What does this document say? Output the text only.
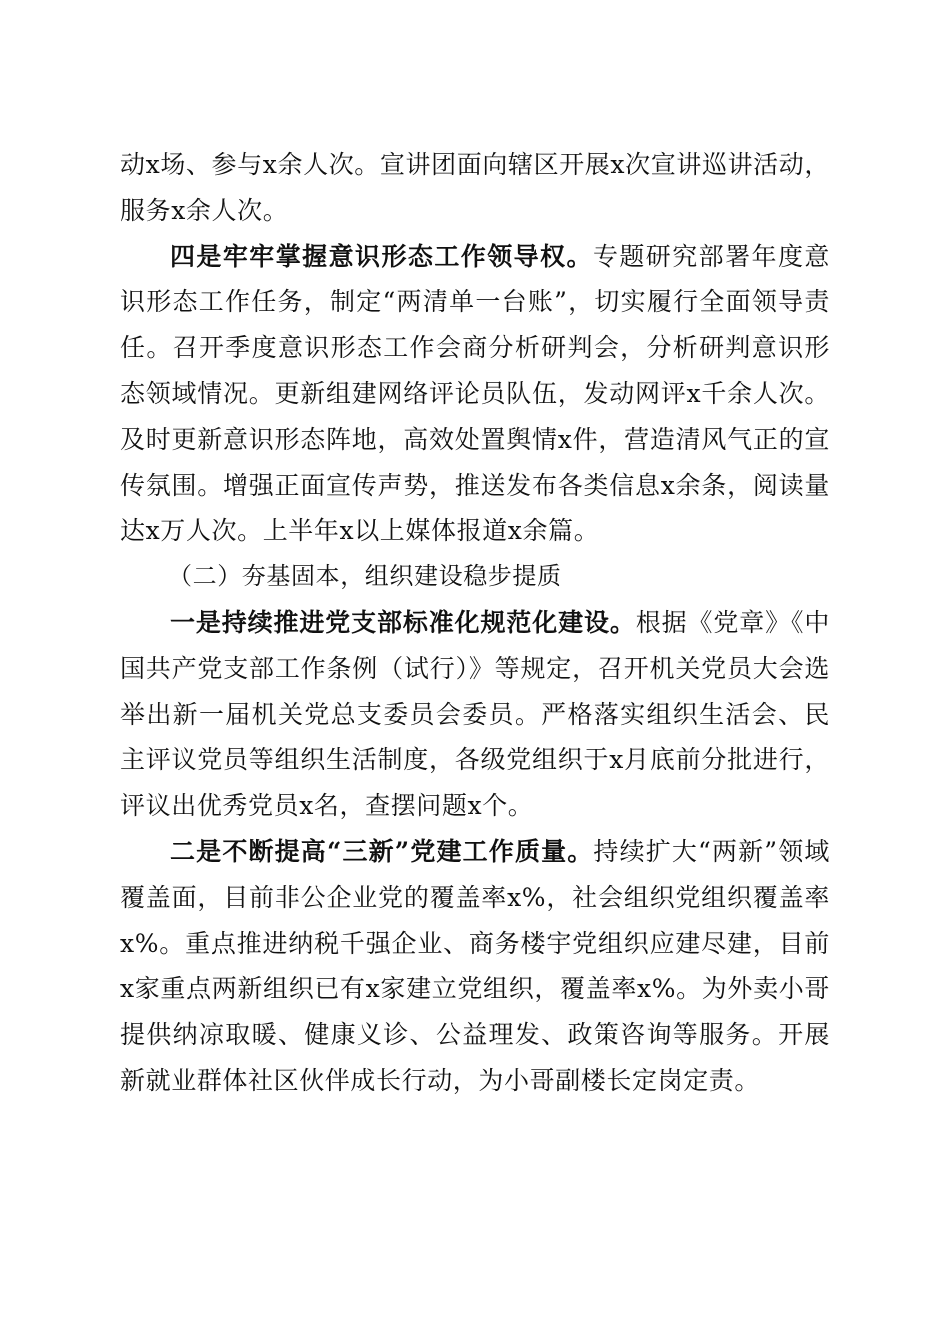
动x场、参与x余人次。宣讲团面向辖区开展x次宣讲巡讲活动，服务x余人次。

四是牢牢掌握意识形态工作领导权。专题研究部署年度意识形态工作任务，制定“两清单一台账”，切实履行全面领导责任。召开季度意识形态工作会商分析研判会，分析研判意识形态领域情况。更新组建网络评论员队伍，发动网评x千余人次。及时更新意识形态阵地，高效处置舆情x件，营造清风气正的宣传氛围。增强正面宣传声势，推送发布各类信息x余条，阅读量达x万人次。上半年x以上媒体报道x余篇。

（二）夯基固本，组织建设稳步提质

一是持续推进党支部标准化规范化建设。根据《党章》《中国共产党支部工作条例（试行）》等规定，召开机关党员大会选举出新一届机关党总支委员会委员。严格落实组织生活会、民主评议党员等组织生活制度，各级党组织于x月底前分批进行，评议出优秀党员x名，查摆问题x个。

二是不断提高“三新”党建工作质量。持续扩大“两新”领域覆盖面，目前非公企业党的覆盖率x%，社会组织党组织覆盖率x%。重点推进纳税千强企业、商务楼宇党组织应建尽建，目前x家重点两新组织已有x家建立党组织，覆盖率x%。为外卖小哥提供纳凉取暖、健康义诊、公益理发、政策咨询等服务。开展新就业群体社区伙伴成长行动，为小哥副楼长定岗定责。
